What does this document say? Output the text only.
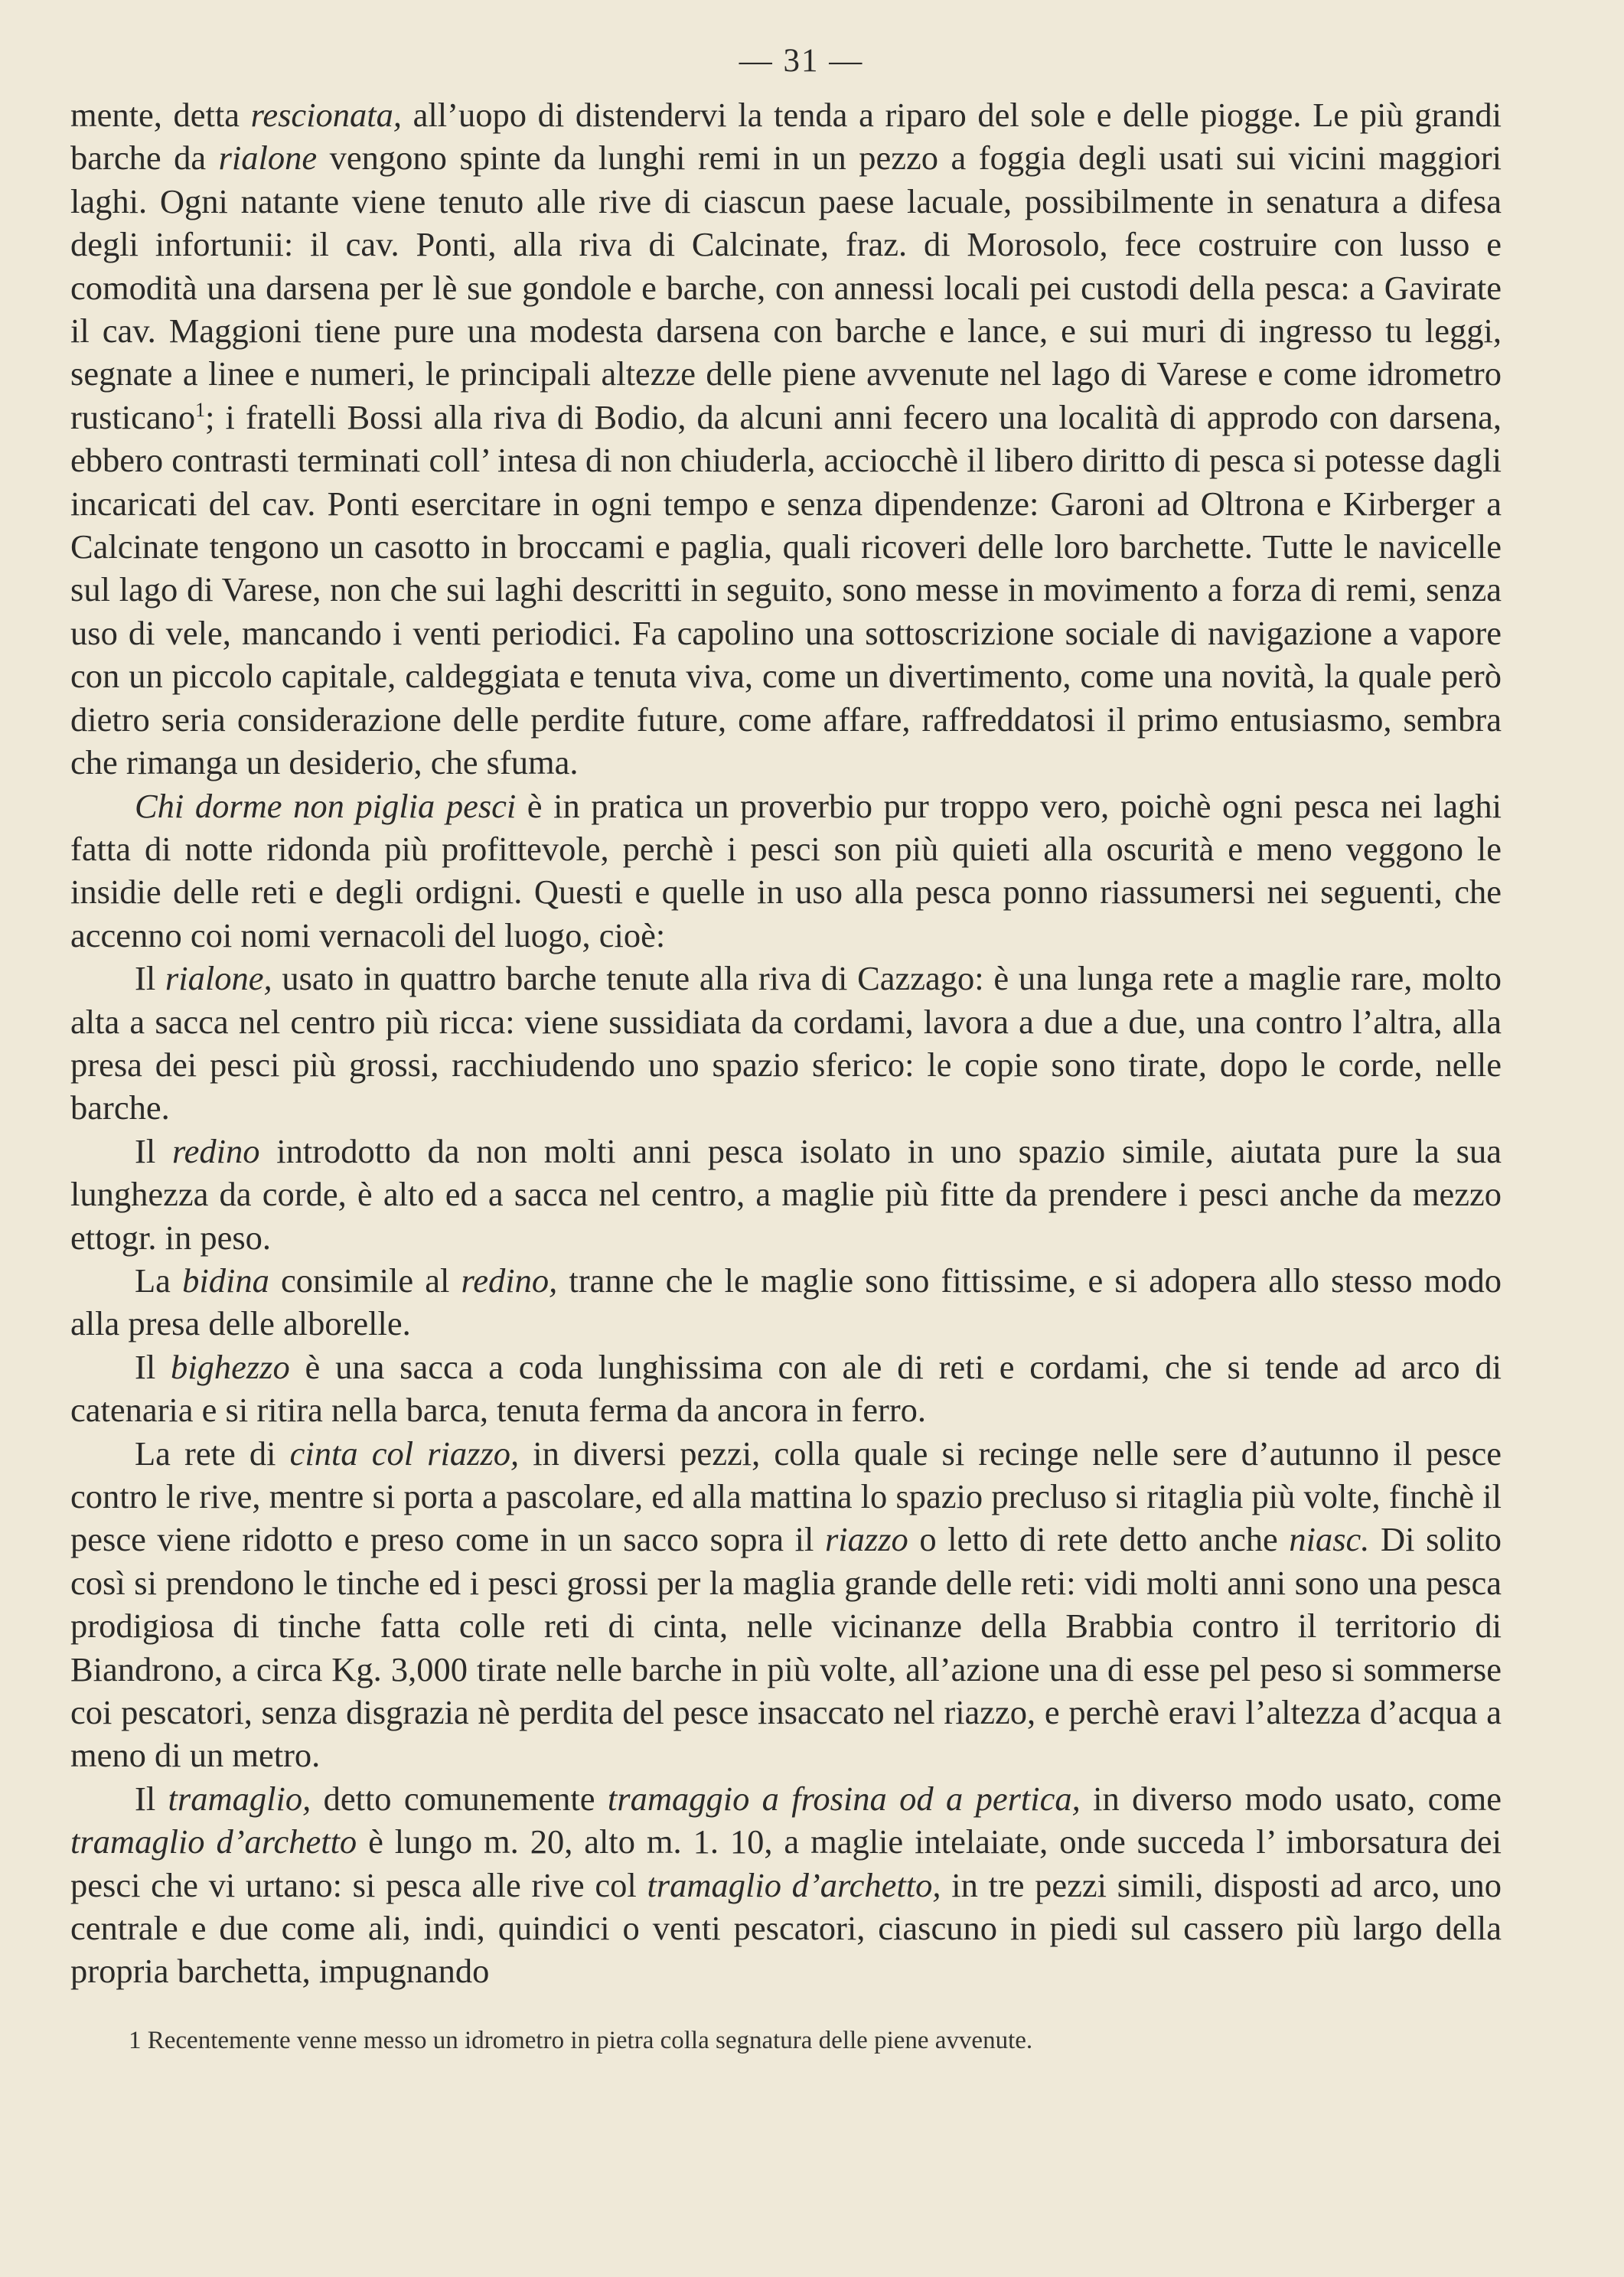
— 31 —

mente, detta rescionata, all’uopo di distendervi la tenda a riparo del sole e delle piogge. Le più grandi barche da rialone vengono spinte da lunghi remi in un pezzo a foggia degli usati sui vicini maggiori laghi. Ogni natante viene tenuto alle rive di ciascun paese lacuale, possibilmente in senatura a difesa degli infortunii: il cav. Ponti, alla riva di Calcinate, fraz. di Morosolo, fece costruire con lusso e comodità una darsena per lè sue gondole e barche, con annessi locali pei custodi della pesca: a Gavirate il cav. Maggioni tiene pure una modesta darsena con barche e lance, e sui muri di ingresso tu leggi, segnate a linee e numeri, le principali altezze delle piene avvenute nel lago di Varese e come idrometro rusticano$^1$; i fratelli Bossi alla riva di Bodio, da alcuni anni fecero una località di approdo con darsena, ebbero contrasti terminati coll’ intesa di non chiuderla, acciocchè il libero diritto di pesca si potesse dagli incaricati del cav. Ponti esercitare in ogni tempo e senza dipendenze: Garoni ad Oltrona e Kirberger a Calcinate tengono un casotto in broccami e paglia, quali ricoveri delle loro barchette. Tutte le navicelle sul lago di Varese, non che sui laghi descritti in seguito, sono messe in movimento a forza di remi, senza uso di vele, mancando i venti periodici. Fa capolino una sottoscrizione sociale di navigazione a vapore con un piccolo capitale, caldeggiata e tenuta viva, come un divertimento, come una novità, la quale però dietro seria considerazione delle perdite future, come affare, raffreddatosi il primo entusiasmo, sembra che rimanga un desiderio, che sfuma.

Chi dorme non piglia pesci è in pratica un proverbio pur troppo vero, poichè ogni pesca nei laghi fatta di notte ridonda più profittevole, perchè i pesci son più quieti alla oscurità e meno veggono le insidie delle reti e degli ordigni. Questi e quelle in uso alla pesca ponno riassumersi nei seguenti, che accenno coi nomi vernacoli del luogo, cioè:

Il rialone, usato in quattro barche tenute alla riva di Cazzago: è una lunga rete a maglie rare, molto alta a sacca nel centro più ricca: viene sussidiata da cordami, lavora a due a due, una contro l’altra, alla presa dei pesci più grossi, racchiudendo uno spazio sferico: le copie sono tirate, dopo le corde, nelle barche.

Il redino introdotto da non molti anni pesca isolato in uno spazio simile, aiutata pure la sua lunghezza da corde, è alto ed a sacca nel centro, a maglie più fitte da prendere i pesci anche da mezzo ettogr. in peso.

La bidina consimile al redino, tranne che le maglie sono fittissime, e si adopera allo stesso modo alla presa delle alborelle.

Il bighezzo è una sacca a coda lunghissima con ale di reti e cordami, che si tende ad arco di catenaria e si ritira nella barca, tenuta ferma da ancora in ferro.

La rete di cinta col riazzo, in diversi pezzi, colla quale si recinge nelle sere d’autunno il pesce contro le rive, mentre si porta a pascolare, ed alla mattina lo spazio precluso si ritaglia più volte, finchè il pesce viene ridotto e preso come in un sacco sopra il riazzo o letto di rete detto anche niasc. Di solito così si prendono le tinche ed i pesci grossi per la maglia grande delle reti: vidi molti anni sono una pesca prodigiosa di tinche fatta colle reti di cinta, nelle vicinanze della Brabbia contro il territorio di Biandrono, a circa Kg. 3,000 tirate nelle barche in più volte, all’azione una di esse pel peso si sommerse coi pescatori, senza disgrazia nè perdita del pesce insaccato nel riazzo, e perchè eravi l’altezza d’acqua a meno di un metro.

Il tramaglio, detto comunemente tramaggio a frosina od a pertica, in diverso modo usato, come tramaglio d’archetto è lungo m. 20, alto m. 1. 10, a maglie intelaiate, onde succeda l’ imborsatura dei pesci che vi urtano: si pesca alle rive col tramaglio d’archetto, in tre pezzi simili, disposti ad arco, uno centrale e due come ali, indi, quindici o venti pescatori, ciascuno in piedi sul cassero più largo della propria barchetta, impugnando

1 Recentemente venne messo un idrometro in pietra colla segnatura delle piene avvenute.
